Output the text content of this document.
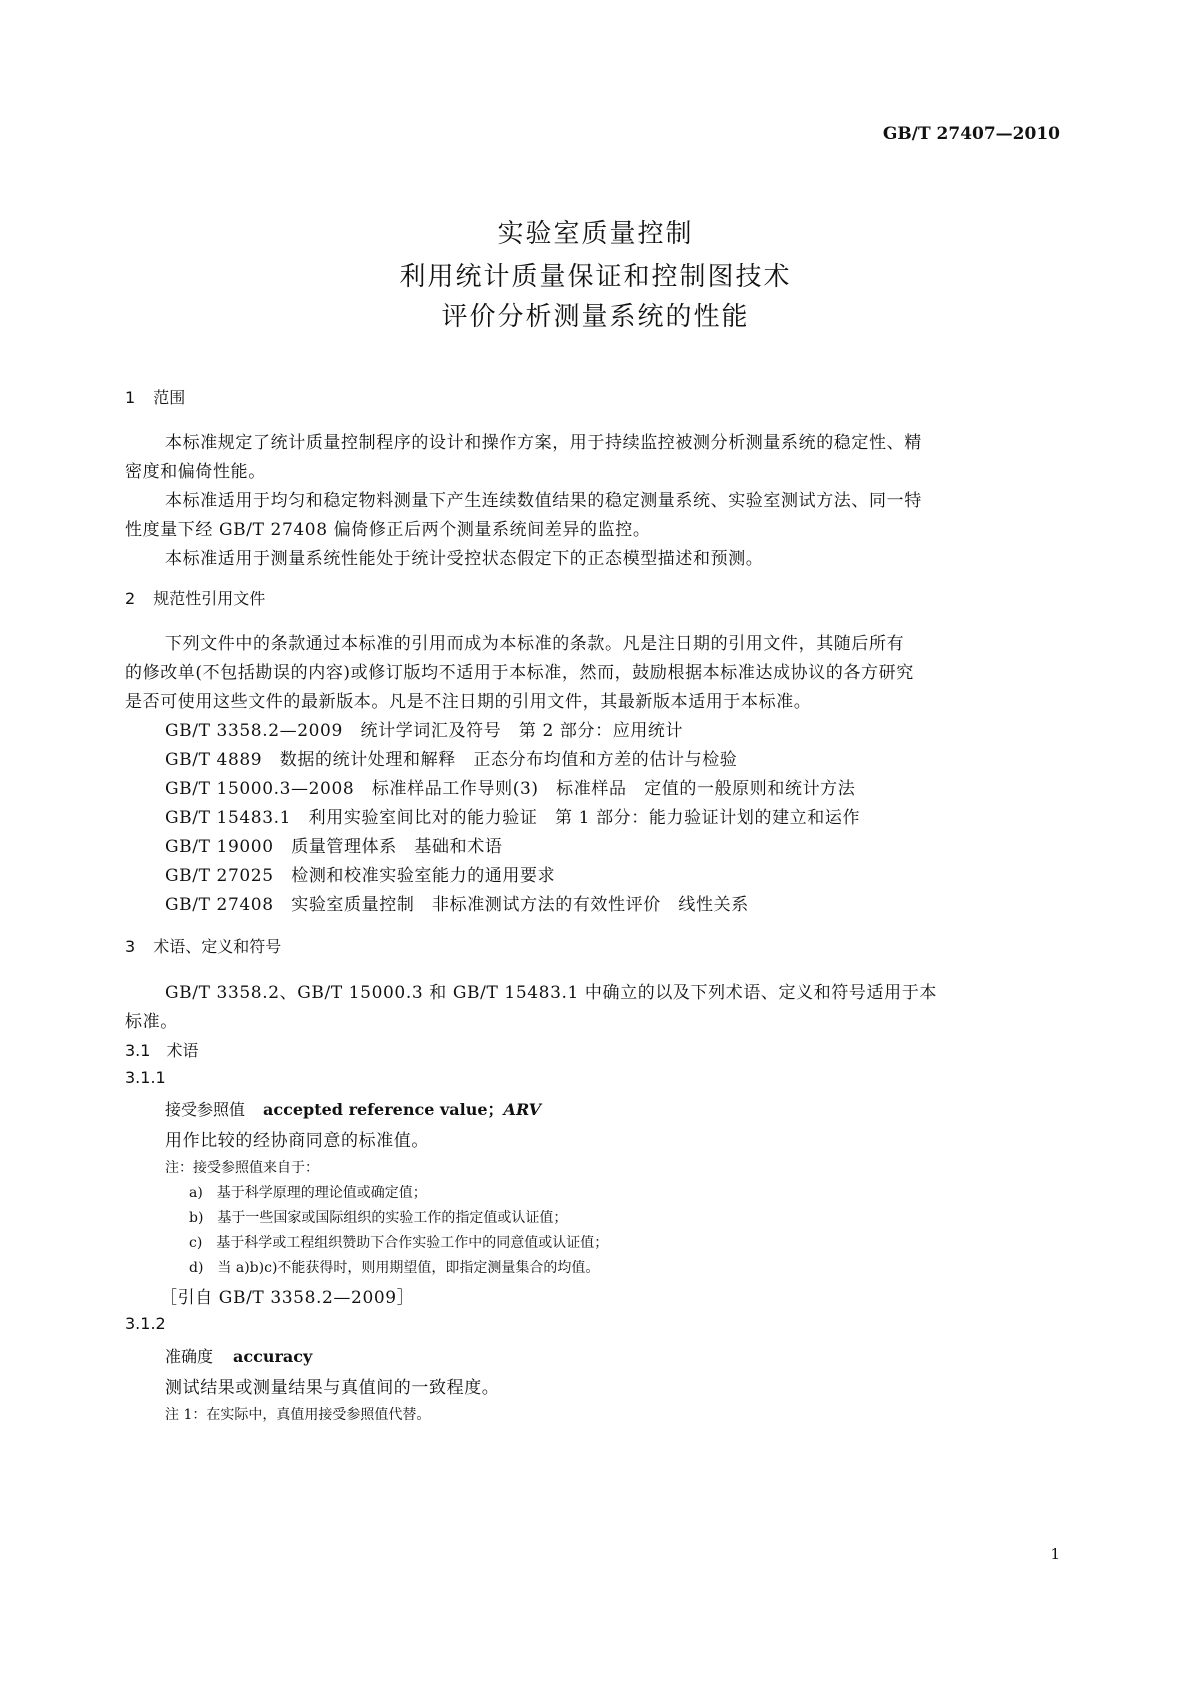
GB/T 27407—2010
实验室质量控制
利用统计质量保证和控制图技术
评价分析测量系统的性能
1 范围
本标准规定了统计质量控制程序的设计和操作方案，用于持续监控被测分析测量系统的稳定性、精
密度和偏倚性能。
本标准适用于均匀和稳定物料测量下产生连续数值结果的稳定测量系统、实验室测试方法、同一特
性度量下经 GB/T 27408 偏倚修正后两个测量系统间差异的监控。
本标准适用于测量系统性能处于统计受控状态假定下的正态模型描述和预测。
2 规范性引用文件
下列文件中的条款通过本标准的引用而成为本标准的条款。凡是注日期的引用文件，其随后所有
的修改单(不包括勘误的内容)或修订版均不适用于本标准，然而，鼓励根据本标准达成协议的各方研究
是否可使用这些文件的最新版本。凡是不注日期的引用文件，其最新版本适用于本标准。
GB/T 3358.2—2009　统计学词汇及符号　第 2 部分：应用统计
GB/T 4889　数据的统计处理和解释　正态分布均值和方差的估计与检验
GB/T 15000.3—2008　标准样品工作导则(3)　标准样品　定值的一般原则和统计方法
GB/T 15483.1　利用实验室间比对的能力验证　第 1 部分：能力验证计划的建立和运作
GB/T 19000　质量管理体系　基础和术语
GB/T 27025　检测和校准实验室能力的通用要求
GB/T 27408　实验室质量控制　非标准测试方法的有效性评价　线性关系
3 术语、定义和符号
GB/T 3358.2、GB/T 15000.3 和 GB/T 15483.1 中确立的以及下列术语、定义和符号适用于本
标准。
3.1 术语
3.1.1
接受参照值 accepted reference value；ARV
用作比较的经协商同意的标准值。
注：接受参照值来自于：
a)　基于科学原理的理论值或确定值；
b)　基于一些国家或国际组织的实验工作的指定值或认证值；
c)　基于科学或工程组织赞助下合作实验工作中的同意值或认证值；
d)　当 a)b)c)不能获得时，则用期望值，即指定测量集合的均值。
［引自 GB/T 3358.2—2009］
3.1.2
准确度 accuracy
测试结果或测量结果与真值间的一致程度。
注 1：在实际中，真值用接受参照值代替。
1
